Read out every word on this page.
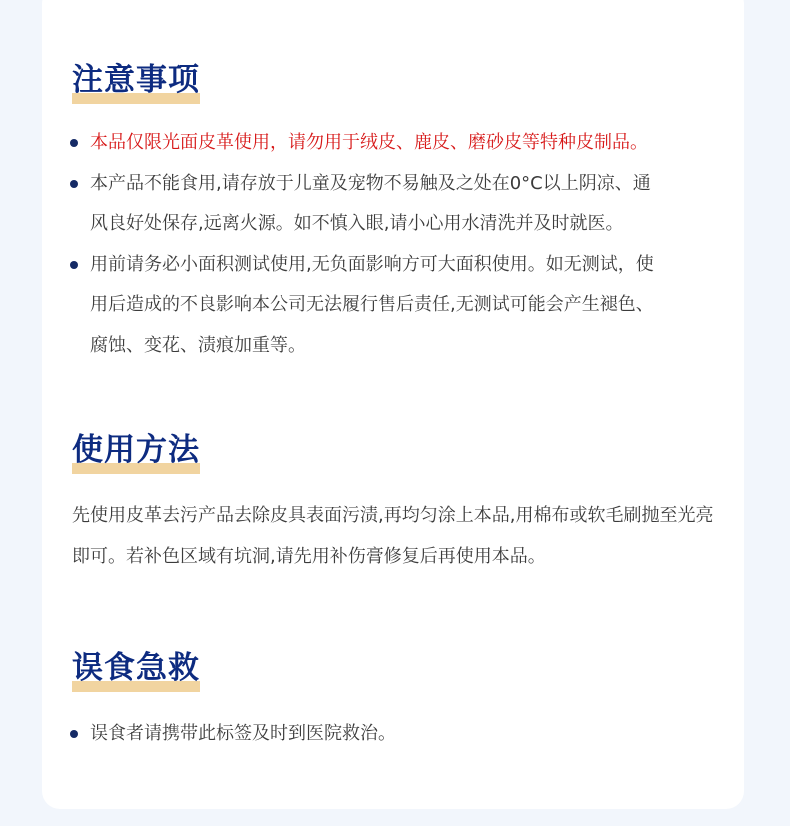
注意事项
本品仅限光面皮革使用，请勿用于绒皮、鹿皮、磨砂皮等特种皮制品。
本产品不能食用,请存放于儿童及宠物不易触及之处在0°C以上阴凉、通风良好处保存,远离火源。如不慎入眼,请小心用水清洗并及时就医。
用前请务必小面积测试使用,无负面影响方可大面积使用。如无测试，使用后造成的不良影响本公司无法履行售后责任,无测试可能会产生褪色、腐蚀、变花、渍痕加重等。
使用方法

先使用皮革去污产品去除皮具表面污渍,再均匀涂上本品,用棉布或软毛刷抛至光亮即可。若补色区域有坑洞,请先用补伤膏修复后再使用本品。

误食急救
误食者请携带此标签及时到医院救治。
